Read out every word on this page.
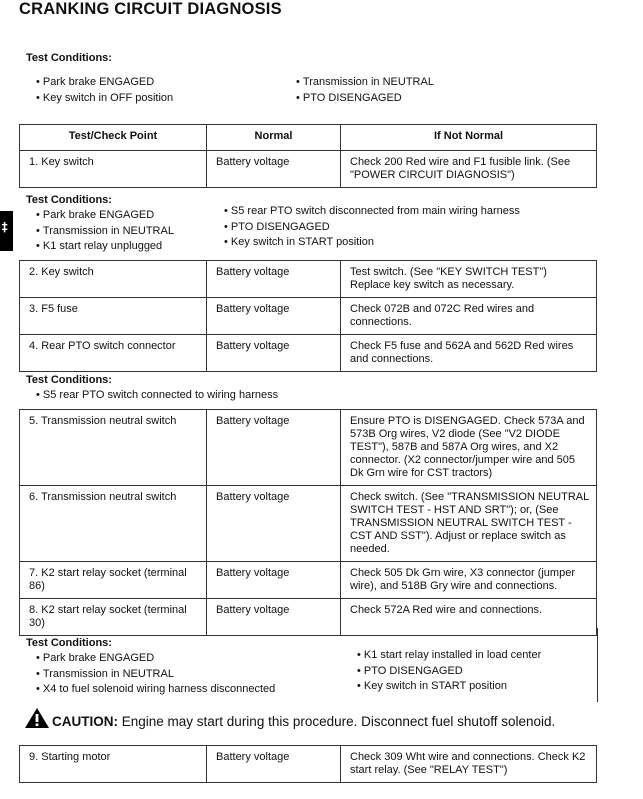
CRANKING CIRCUIT DIAGNOSIS
‡
Test Conditions:
• Park brake ENGAGED
• Key switch in OFF position
• Transmission in NEUTRAL
• PTO DISENGAGED
Test/Check Point	Normal	If Not Normal
1. Key switch	Battery voltage	Check 200 Red wire and F1 fusible link. (See "POWER CIRCUIT DIAGNOSIS")
Test Conditions:
• Park brake ENGAGED
• Transmission in NEUTRAL
• K1 start relay unplugged
• S5 rear PTO switch disconnected from main wiring harness
• PTO DISENGAGED
• Key switch in START position
2. Key switch	Battery voltage	Test switch. (See "KEY SWITCH TEST") Replace key switch as necessary.
3. F5 fuse	Battery voltage	Check 072B and 072C Red wires and connections.
4. Rear PTO switch connector	Battery voltage	Check F5 fuse and 562A and 562D Red wires and connections.
Test Conditions:
• S5 rear PTO switch connected to wiring harness
5. Transmission neutral switch	Battery voltage	Ensure PTO is DISENGAGED. Check 573A and 573B Org wires, V2 diode (See "V2 DIODE TEST"), 587B and 587A Org wires, and X2 connector. (X2 connector/jumper wire and 505 Dk Grn wire for CST tractors)
6. Transmission neutral switch	Battery voltage	Check switch. (See "TRANSMISSION NEUTRAL SWITCH TEST - HST AND SRT"); or, (See TRANSMISSION NEUTRAL SWITCH TEST - CST AND SST"). Adjust or replace switch as needed.
7. K2 start relay socket (terminal 86)	Battery voltage	Check 505 Dk Grn wire, X3 connector (jumper wire), and 518B Gry wire and connections.
8. K2 start relay socket (terminal 30)	Battery voltage	Check 572A Red wire and connections.
Test Conditions:
• Park brake ENGAGED
• Transmission in NEUTRAL
• X4 to fuel solenoid wiring harness disconnected
• K1 start relay installed in load center
• PTO DISENGAGED
• Key switch in START position
CAUTION: Engine may start during this procedure. Disconnect fuel shutoff solenoid.
9. Starting motor	Battery voltage	Check 309 Wht wire and connections. Check K2 start relay. (See "RELAY TEST")
